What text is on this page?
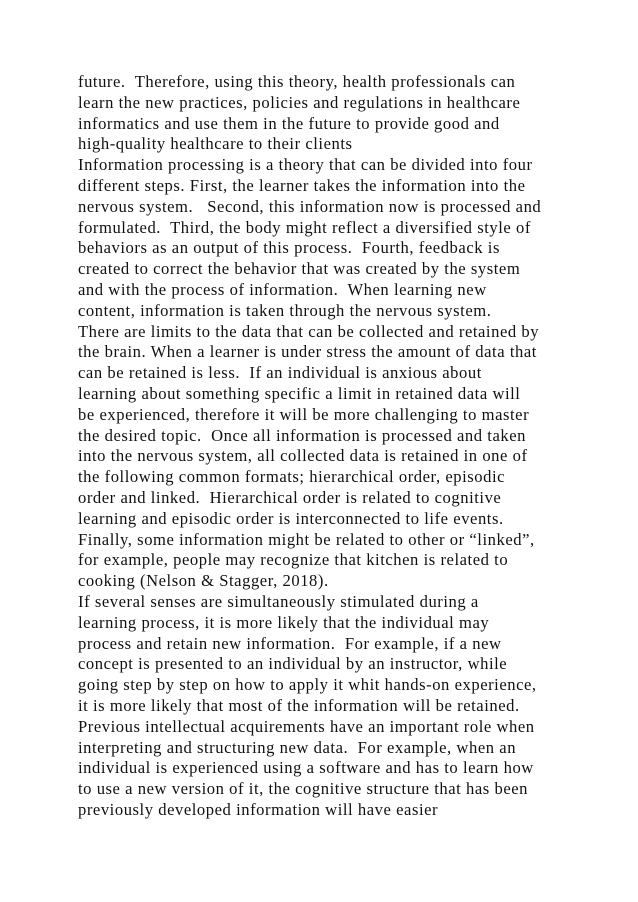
future.  Therefore, using this theory, health professionals can
learn the new practices, policies and regulations in healthcare
informatics and use them in the future to provide good and
high-quality healthcare to their clients
Information processing is a theory that can be divided into four
different steps. First, the learner takes the information into the
nervous system.   Second, this information now is processed and
formulated.  Third, the body might reflect a diversified style of
behaviors as an output of this process.  Fourth, feedback is
created to correct the behavior that was created by the system
and with the process of information.  When learning new
content, information is taken through the nervous system.
There are limits to the data that can be collected and retained by
the brain. When a learner is under stress the amount of data that
can be retained is less.  If an individual is anxious about
learning about something specific a limit in retained data will
be experienced, therefore it will be more challenging to master
the desired topic.  Once all information is processed and taken
into the nervous system, all collected data is retained in one of
the following common formats; hierarchical order, episodic
order and linked.  Hierarchical order is related to cognitive
learning and episodic order is interconnected to life events.
Finally, some information might be related to other or “linked”,
for example, people may recognize that kitchen is related to
cooking (Nelson & Stagger, 2018).
If several senses are simultaneously stimulated during a
learning process, it is more likely that the individual may
process and retain new information.  For example, if a new
concept is presented to an individual by an instructor, while
going step by step on how to apply it whit hands-on experience,
it is more likely that most of the information will be retained.
Previous intellectual acquirements have an important role when
interpreting and structuring new data.  For example, when an
individual is experienced using a software and has to learn how
to use a new version of it, the cognitive structure that has been
previously developed information will have easier
